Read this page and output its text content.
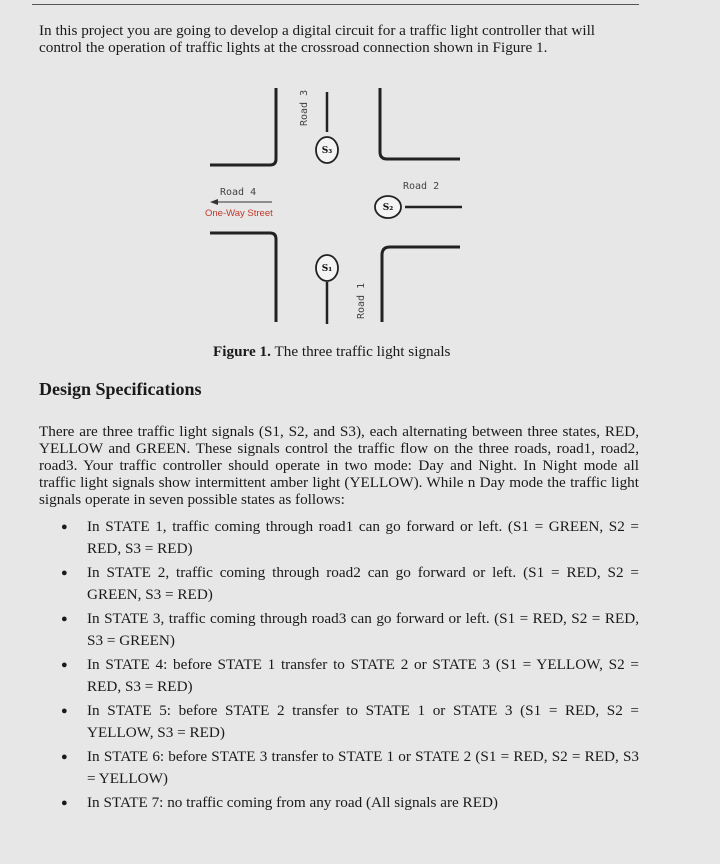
In this project you are going to develop a digital circuit for a traffic light controller that will control the operation of traffic lights at the crossroad connection shown in Figure 1.

S₃
S₂
S₁
Road 3
Road 2
Road 4
Road 1
One-Way Street
Figure 1. The three traffic light signals
Design Specifications

There are three traffic light signals (S1, S2, and S3), each alternating between three states, RED, YELLOW and GREEN. These signals control the traffic flow on the three roads, road1, road2, road3. Your traffic controller should operate in two mode: Day and Night. In Night mode all traffic light signals show intermittent amber light (YELLOW). While n Day mode the traffic light signals operate in seven possible states as follows:

● In STATE 1, traffic coming through road1 can go forward or left. (S1 = GREEN, S2 = RED, S3 = RED)
● In STATE 2, traffic coming through road2 can go forward or left. (S1 = RED, S2 = GREEN, S3 = RED)
● In STATE 3, traffic coming through road3 can go forward or left. (S1 = RED, S2 = RED, S3 = GREEN)
● In STATE 4: before STATE 1 transfer to STATE 2 or STATE 3 (S1 = YELLOW, S2 = RED, S3 = RED)
● In STATE 5: before STATE 2 transfer to STATE 1 or STATE 3 (S1 = RED, S2 = YELLOW, S3 = RED)
● In STATE 6: before STATE 3 transfer to STATE 1 or STATE 2 (S1 = RED, S2 = RED, S3 = YELLOW)
● In STATE 7: no traffic coming from any road (All signals are RED)
